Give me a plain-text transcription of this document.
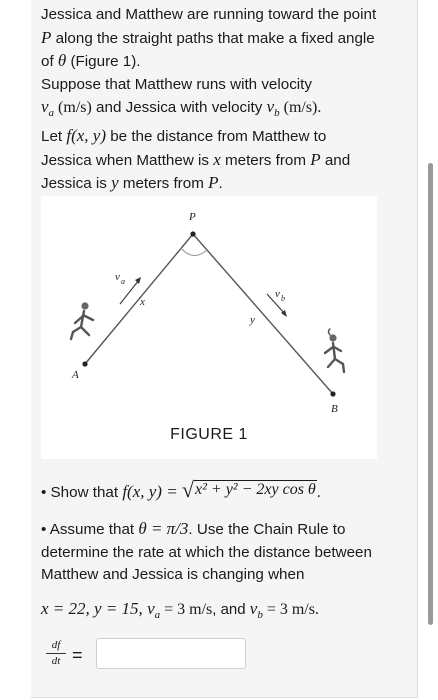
Jessica and Matthew are running toward the point
P along the straight paths that make a fixed angle
of θ (Figure 1).
Suppose that Matthew runs with velocity
$v_a$ (m/s) and Jessica with velocity $v_b$ (m/s).
Let f(x, y) be the distance from Matthew to
Jessica when Matthew is x meters from P and
Jessica is y meters from P.

P
A
B
x
y
v a
v b
FIGURE 1

• Show that f(x, y) = √ x² + y² − 2xy cos θ .

• Assume that θ = π/3. Use the Chain Rule to determine the rate at which the distance between Matthew and Jessica is changing when

x = 22, y = 15, $v_a = 3$ m/s, and $v_b = 3$ m/s.
df
dt =
